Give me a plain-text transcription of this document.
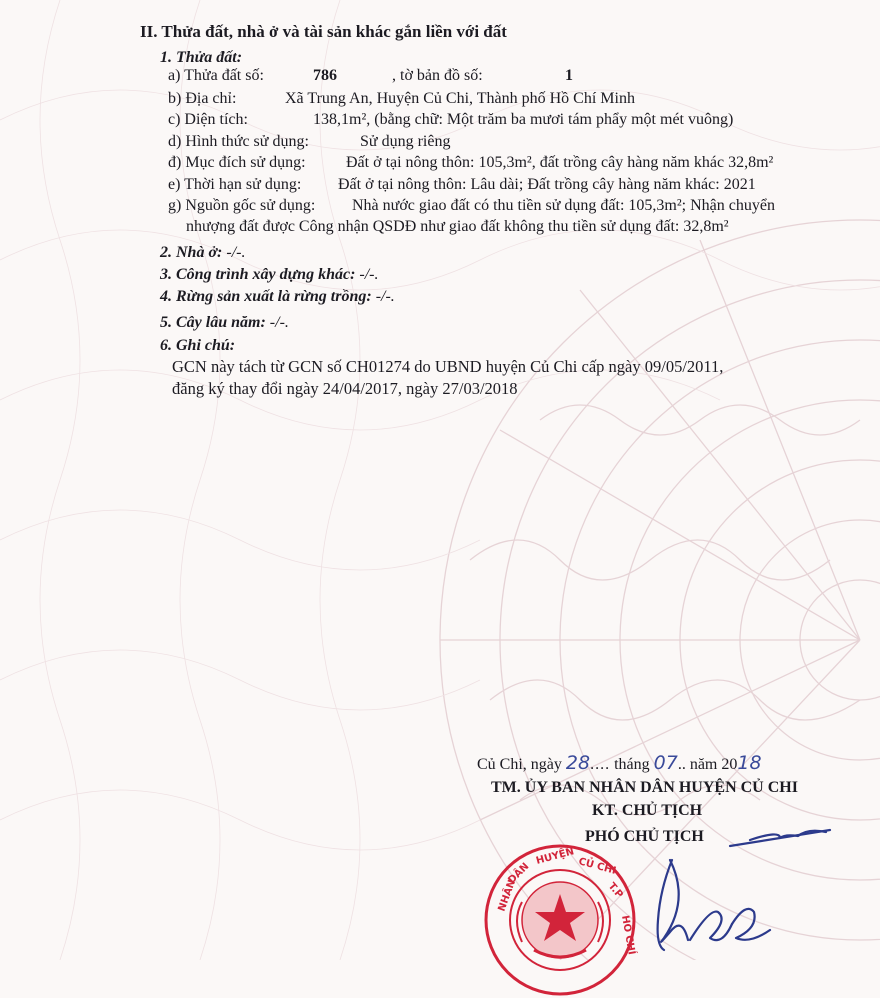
II. Thửa đất, nhà ở và tài sản khác gắn liền với đất
1. Thửa đất:
a) Thửa đất số:	786	, tờ bản đồ số:	1
b) Địa chỉ:	Xã Trung An, Huyện Củ Chi, Thành phố Hồ Chí Minh
c) Diện tích:	138,1m², (bằng chữ: Một trăm ba mươi tám phẩy một mét vuông)
d) Hình thức sử dụng:	Sử dụng riêng
đ) Mục đích sử dụng:	Đất ở tại nông thôn: 105,3m², đất trồng cây hàng năm khác 32,8m²
e) Thời hạn sử dụng: Đất ở tại nông thôn: Lâu dài; Đất trồng cây hàng năm khác: 2021
g) Nguồn gốc sử dụng: Nhà nước giao đất có thu tiền sử dụng đất: 105,3m²; Nhận chuyển
nhượng đất được Công nhận QSDĐ như giao đất không thu tiền sử dụng đất: 32,8m²
2. Nhà ở: -/-.
3. Công trình xây dựng khác: -/-.
4. Rừng sản xuất là rừng trồng: -/-.
5. Cây lâu năm: -/-.
6. Ghi chú:
GCN này tách từ GCN số CH01274 do UBND huyện Củ Chi cấp ngày 09/05/2011,
đăng ký thay đổi ngày 24/04/2017, ngày 27/03/2018
Củ Chi, ngày 28.... tháng 07.. năm 2018
TM. ỦY BAN NHÂN DÂN HUYỆN CỦ CHI
KT. CHỦ TỊCH
PHÓ CHỦ TỊCH
NHÂN
DÂN
HUYỆN CỦ CHI
T.P
HỒ CHÍ
